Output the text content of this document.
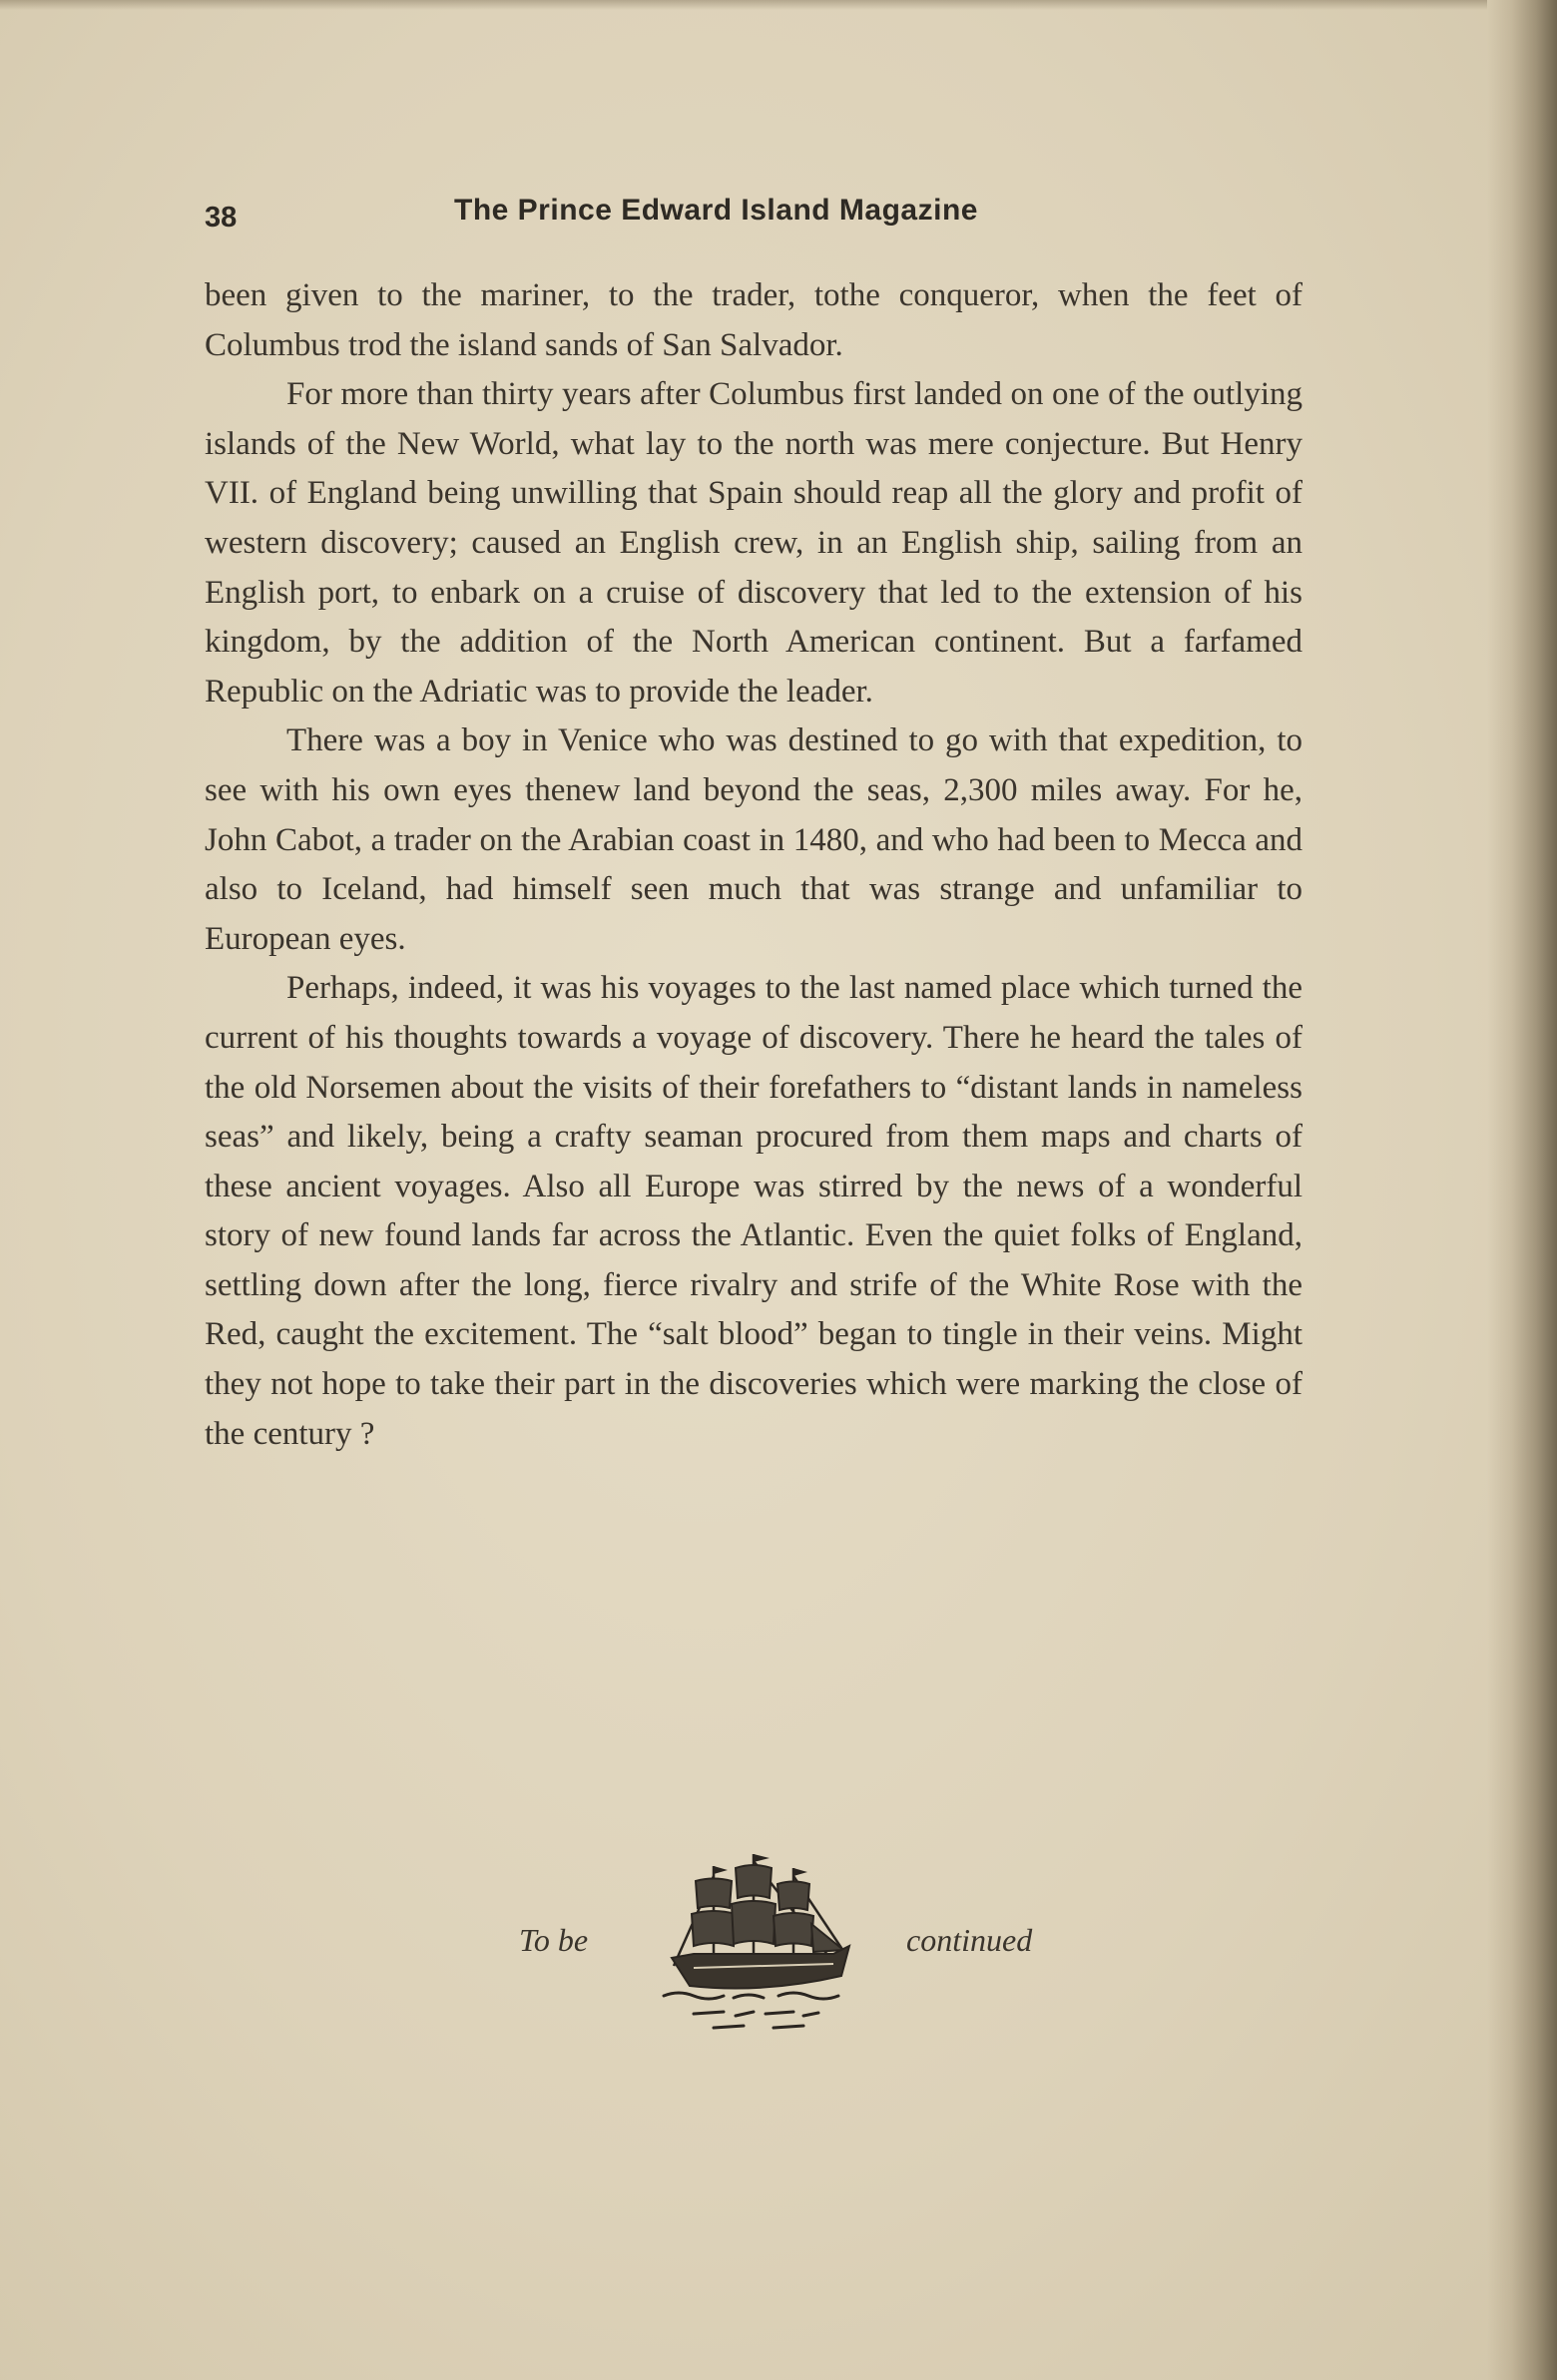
38	The Prince Edward Island Magazine

been given to the mariner, to the trader, tothe conqueror, when the feet of Columbus trod the island sands of San Salvador.

For more than thirty years after Columbus first landed on one of the outlying islands of the New World, what lay to the north was mere conjecture. But Henry VII. of England being unwilling that Spain should reap all the glory and profit of western discovery; caused an English crew, in an English ship, sailing from an English port, to enbark on a cruise of discovery that led to the extension of his kingdom, by the addition of the North American continent. But a farfamed Republic on the Adriatic was to provide the leader.

There was a boy in Venice who was destined to go with that expedition, to see with his own eyes thenew land beyond the seas, 2,300 miles away. For he, John Cabot, a trader on the Arabian coast in 1480, and who had been to Mecca and also to Iceland, had himself seen much that was strange and unfamiliar to European eyes.

Perhaps, indeed, it was his voyages to the last named place which turned the current of his thoughts towards a voyage of discovery. There he heard the tales of the old Norsemen about the visits of their forefathers to “distant lands in nameless seas” and likely, being a crafty seaman procured from them maps and charts of these ancient voyages. Also all Europe was stirred by the news of a wonderful story of new found lands far across the Atlantic. Even the quiet folks of England, settling down after the long, fierce rivalry and strife of the White Rose with the Red, caught the excitement. The “salt blood” began to tingle in their veins. Might they not hope to take their part in the discoveries which were marking the close of the century ?

To be	continued
